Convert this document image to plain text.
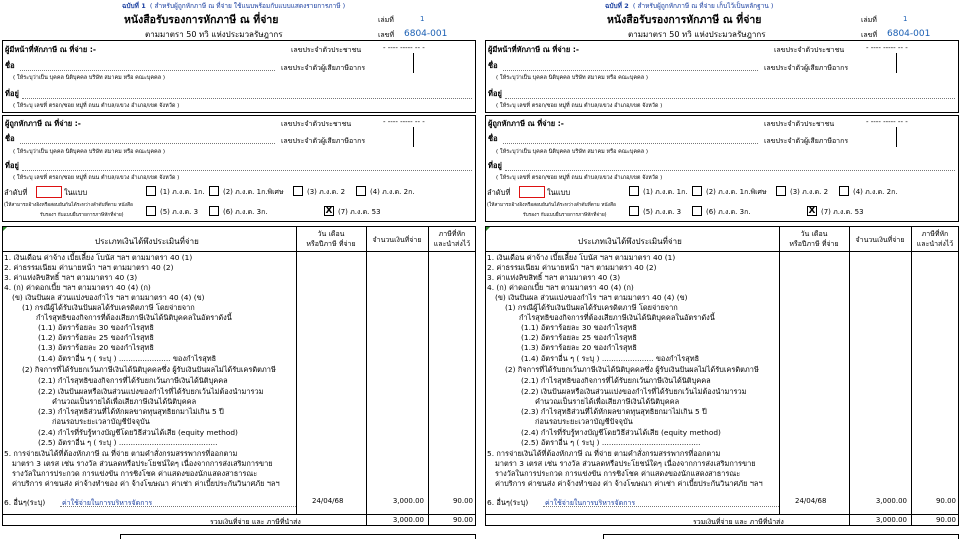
ฉบับที่ 1 ( สำหรับผู้ถูกหักภาษี ณ ที่จ่าย ใช้แนบพร้อมกับแบบแสดงรายการภาษี )
หนังสือรับรองการหักภาษี ณ ที่จ่าย
ตามมาตรา 50 ทวิ แห่งประมวลรัษฎากร
เล่มที่	1
เลขที่ 6804-001
ผู้มีหน้าที่หักภาษี ณ ที่จ่าย :-	เลขประจำตัวประชาชน	- ---- ----- -- -
ชื่อ	เลขประจำตัวผู้เสียภาษีอากร
( ให้ระบุว่าเป็น บุคคล นิติบุคคล บริษัท สมาคม หรือ คณะบุคคล )
ที่อยู่
( ให้ระบุ เลขที่ ตรอก/ซอย หมู่ที่ ถนน ตำบล/แขวง อำเภอ/เขต จังหวัด )
ผู้ถูกหักภาษี ณ ที่จ่าย :-	เลขประจำตัวประชาชน	- ---- ----- -- -
ชื่อ	เลขประจำตัวผู้เสียภาษีอากร
( ให้ระบุว่าเป็น บุคคล นิติบุคคล บริษัท สมาคม หรือ คณะบุคคล )
ที่อยู่
( ให้ระบุ เลขที่ ตรอก/ซอย หมู่ที่ ถนน ตำบล/แขวง อำเภอ/เขต จังหวัด )
ลำดับที่	ในแบบ
(ให้สามารถอ้างอิงหรือสอบยันกันได้ระหว่างลำดับที่ตาม หนังสือ
รับรองฯ กับแบบยื่นรายการภาษีหักที่จ่าย)
(1) ภ.ง.ด. 1ก.	(2) ภ.ง.ด. 1ก.พิเศษ	(3) ภ.ง.ด. 2	(4) ภ.ง.ด. 2ก.
(5) ภ.ง.ด. 3	(6) ภ.ง.ด. 3ก.	X (7) ภ.ง.ด. 53
ประเภทเงินได้พึงประเมินที่จ่าย
วัน เดือน
หรือปีภาษี ที่จ่าย	จำนวนเงินที่จ่าย
ภาษีที่หัก
และนำส่งไว้
1. เงินเดือน ค่าจ้าง เบี้ยเลี้ยง โบนัส ฯลฯ ตามมาตรา 40 (1)
2. ค่าธรรมเนียม ค่านายหน้า ฯลฯ ตามมาตรา 40 (2)
3. ค่าแห่งลิขสิทธิ์ ฯลฯ ตามมาตรา 40 (3)
4. (ก) ค่าดอกเบี้ย ฯลฯ ตามมาตรา 40 (4) (ก)
(ข) เงินปันผล ส่วนแบ่งของกำไร ฯลฯ ตามมาตรา 40 (4) (ข)
(1) กรณีผู้ได้รับเงินปันผลได้รับเครดิตภาษี โดยจ่ายจาก
กำไรสุทธิของกิจการที่ต้องเสียภาษีเงินได้นิติบุคคลในอัตราดังนี้
(1.1) อัตราร้อยละ 30 ของกำไรสุทธิ
(1.2) อัตราร้อยละ 25 ของกำไรสุทธิ
(1.3) อัตราร้อยละ 20 ของกำไรสุทธิ
(1.4) อัตราอื่น ๆ ( ระบุ ) ...................... ของกำไรสุทธิ
(2) กิจการที่ได้รับยกเว้นภาษีเงินได้นิติบุคคลซึ่ง ผู้รับเงินปันผลไม่ได้รับเครดิตภาษี
(2.1) กำไรสุทธิของกิจการที่ได้รับยกเว้นภาษีเงินได้นิติบุคคล
(2.2) เงินปันผลหรือเงินส่วนแบ่งของกำไรที่ได้รับยกเว้นไม่ต้องนำมารวม
คำนวณเป็นรายได้เพื่อเสียภาษีเงินได้นิติบุคคล
(2.3) กำไรสุทธิส่วนที่ได้หักผลขาดทุนสุทธิยกมาไม่เกิน 5 ปี
ก่อนรอบระยะเวลาบัญชีปัจจุบัน
(2.4) กำไรที่รับรู้ทางบัญชีโดยวิธีส่วนได้เสีย (equity method)
(2.5) อัตราอื่น ๆ ( ระบุ ) ..........................................
5. การจ่ายเงินได้ที่ต้องหักภาษี ณ ที่จ่าย ตามคำสั่งกรมสรรพากรที่ออกตาม
มาตรา 3 เตรส เช่น รางวัล ส่วนลดหรือประโยชน์ใดๆ เนื่องจากการส่งเสริมการขาย
รางวัลในการประกวด การแข่งขัน การชิงโชค ค่าแสดงของนักแสดงสาธารณะ
ค่าบริการ ค่าขนส่ง ค่าจ้างทำของ ค่า จ้างโฆษณา ค่าเช่า ค่าเบี้ยประกันวินาศภัย ฯลฯ
6. อื่นๆ(ระบุ) ค่าใช้จ่ายในการบริหารจัดการ	24/04/68	3,000.00	90.00
รวมเงินที่จ่าย และ ภาษีที่นำส่ง	3,000.00	90.00
ฉบับที่ 2 ( สำหรับผู้ถูกหักภาษี ณ ที่จ่าย เก็บไว้เป็นหลักฐาน )
หนังสือรับรองการหักภาษี ณ ที่จ่าย
ตามมาตรา 50 ทวิ แห่งประมวลรัษฎากร
เล่มที่	1
เลขที่ 6804-001
ผู้มีหน้าที่หักภาษี ณ ที่จ่าย :-	เลขประจำตัวประชาชน	- ---- ----- -- -
ชื่อ	เลขประจำตัวผู้เสียภาษีอากร
( ให้ระบุว่าเป็น บุคคล นิติบุคคล บริษัท สมาคม หรือ คณะบุคคล )
ที่อยู่
( ให้ระบุ เลขที่ ตรอก/ซอย หมู่ที่ ถนน ตำบล/แขวง อำเภอ/เขต จังหวัด )
ผู้ถูกหักภาษี ณ ที่จ่าย :-	เลขประจำตัวประชาชน	- ---- ----- -- -
ชื่อ	เลขประจำตัวผู้เสียภาษีอากร
( ให้ระบุว่าเป็น บุคคล นิติบุคคล บริษัท สมาคม หรือ คณะบุคคล )
ที่อยู่
( ให้ระบุ เลขที่ ตรอก/ซอย หมู่ที่ ถนน ตำบล/แขวง อำเภอ/เขต จังหวัด )
ลำดับที่	ในแบบ
(ให้สามารถอ้างอิงหรือสอบยันกันได้ระหว่างลำดับที่ตาม หนังสือ
รับรองฯ กับแบบยื่นรายการภาษีหักที่จ่าย)
(1) ภ.ง.ด. 1ก.	(2) ภ.ง.ด. 1ก.พิเศษ	(3) ภ.ง.ด. 2	(4) ภ.ง.ด. 2ก.
(5) ภ.ง.ด. 3	(6) ภ.ง.ด. 3ก.	X (7) ภ.ง.ด. 53
ประเภทเงินได้พึงประเมินที่จ่าย
วัน เดือน
หรือปีภาษี ที่จ่าย	จำนวนเงินที่จ่าย
ภาษีที่หัก
และนำส่งไว้
1. เงินเดือน ค่าจ้าง เบี้ยเลี้ยง โบนัส ฯลฯ ตามมาตรา 40 (1)
2. ค่าธรรมเนียม ค่านายหน้า ฯลฯ ตามมาตรา 40 (2)
3. ค่าแห่งลิขสิทธิ์ ฯลฯ ตามมาตรา 40 (3)
4. (ก) ค่าดอกเบี้ย ฯลฯ ตามมาตรา 40 (4) (ก)
(ข) เงินปันผล ส่วนแบ่งของกำไร ฯลฯ ตามมาตรา 40 (4) (ข)
(1) กรณีผู้ได้รับเงินปันผลได้รับเครดิตภาษี โดยจ่ายจาก
กำไรสุทธิของกิจการที่ต้องเสียภาษีเงินได้นิติบุคคลในอัตราดังนี้
(1.1) อัตราร้อยละ 30 ของกำไรสุทธิ
(1.2) อัตราร้อยละ 25 ของกำไรสุทธิ
(1.3) อัตราร้อยละ 20 ของกำไรสุทธิ
(1.4) อัตราอื่น ๆ ( ระบุ ) ...................... ของกำไรสุทธิ
(2) กิจการที่ได้รับยกเว้นภาษีเงินได้นิติบุคคลซึ่ง ผู้รับเงินปันผลไม่ได้รับเครดิตภาษี
(2.1) กำไรสุทธิของกิจการที่ได้รับยกเว้นภาษีเงินได้นิติบุคคล
(2.2) เงินปันผลหรือเงินส่วนแบ่งของกำไรที่ได้รับยกเว้นไม่ต้องนำมารวม
คำนวณเป็นรายได้เพื่อเสียภาษีเงินได้นิติบุคคล
(2.3) กำไรสุทธิส่วนที่ได้หักผลขาดทุนสุทธิยกมาไม่เกิน 5 ปี
ก่อนรอบระยะเวลาบัญชีปัจจุบัน
(2.4) กำไรที่รับรู้ทางบัญชีโดยวิธีส่วนได้เสีย (equity method)
(2.5) อัตราอื่น ๆ ( ระบุ ) ..........................................
5. การจ่ายเงินได้ที่ต้องหักภาษี ณ ที่จ่าย ตามคำสั่งกรมสรรพากรที่ออกตาม
มาตรา 3 เตรส เช่น รางวัล ส่วนลดหรือประโยชน์ใดๆ เนื่องจากการส่งเสริมการขาย
รางวัลในการประกวด การแข่งขัน การชิงโชค ค่าแสดงของนักแสดงสาธารณะ
ค่าบริการ ค่าขนส่ง ค่าจ้างทำของ ค่า จ้างโฆษณา ค่าเช่า ค่าเบี้ยประกันวินาศภัย ฯลฯ
6. อื่นๆ(ระบุ) ค่าใช้จ่ายในการบริหารจัดการ	24/04/68	3,000.00	90.00
รวมเงินที่จ่าย และ ภาษีที่นำส่ง	3,000.00	90.00
